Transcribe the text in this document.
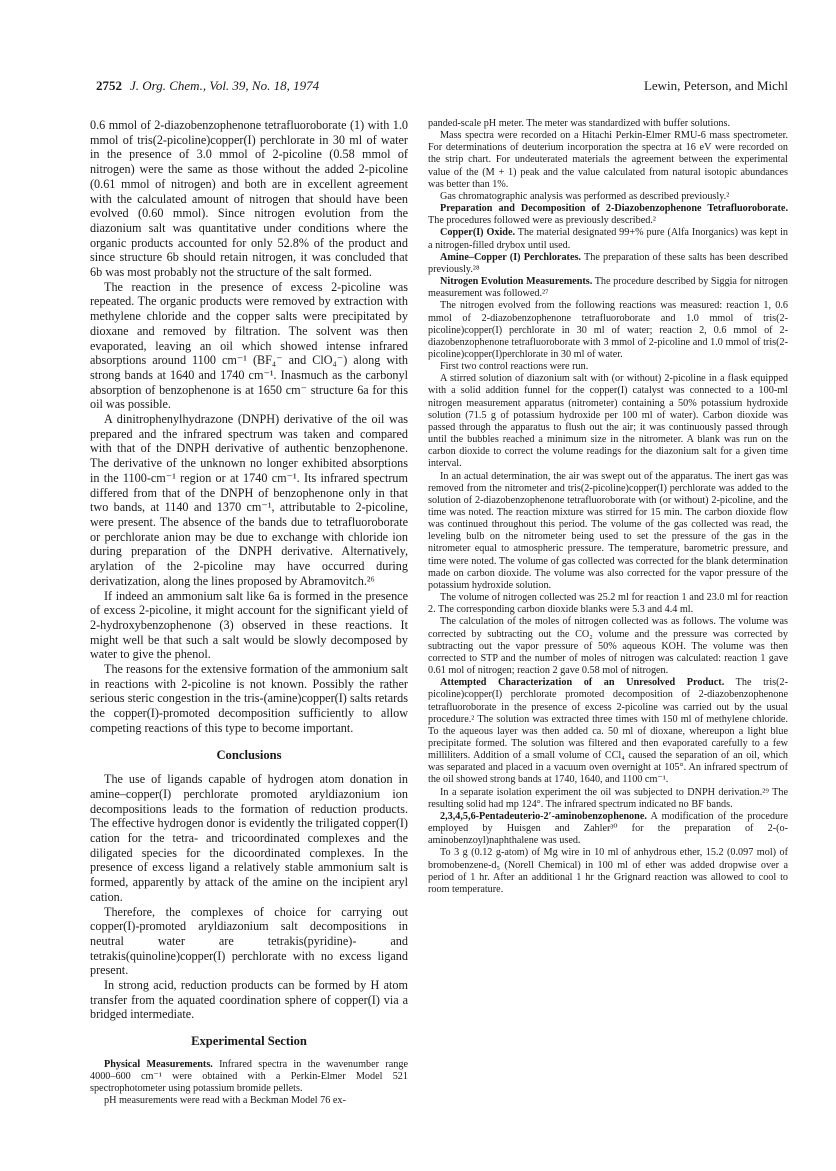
2752 J. Org. Chem., Vol. 39, No. 18, 1974	Lewin, Peterson, and Michl

0.6 mmol of 2-diazobenzophenone tetrafluoroborate (1) with 1.0 mmol of tris(2-picoline)copper(I) perchlorate in 30 ml of water in the presence of 3.0 mmol of 2-picoline (0.58 mmol of nitrogen) were the same as those without the added 2-picoline (0.61 mmol of nitrogen) and both are in excellent agreement with the calculated amount of nitrogen that should have been evolved (0.60 mmol). Since nitrogen evolution from the diazonium salt was quantitative under conditions where the organic products accounted for only 52.8% of the product and since structure 6b should retain nitrogen, it was concluded that 6b was most probably not the structure of the salt formed.

The reaction in the presence of excess 2-picoline was repeated. The organic products were removed by extraction with methylene chloride and the copper salts were precipitated by dioxane and removed by filtration. The solvent was then evaporated, leaving an oil which showed intense infrared absorptions around 1100 cm⁻¹ (BF₄⁻ and ClO₄⁻) along with strong bands at 1640 and 1740 cm⁻¹. Inasmuch as the carbonyl absorption of benzophenone is at 1650 cm⁻ structure 6a for this oil was possible.

A dinitrophenylhydrazone (DNPH) derivative of the oil was prepared and the infrared spectrum was taken and compared with that of the DNPH derivative of authentic benzophenone. The derivative of the unknown no longer exhibited absorptions in the 1100-cm⁻¹ region or at 1740 cm⁻¹. Its infrared spectrum differed from that of the DNPH of benzophenone only in that two bands, at 1140 and 1370 cm⁻¹, attributable to 2-picoline, were present. The absence of the bands due to tetrafluoroborate or perchlorate anion may be due to exchange with chloride ion during preparation of the DNPH derivative. Alternatively, arylation of the 2-picoline may have occurred during derivatization, along the lines proposed by Abramovitch.²⁶

If indeed an ammonium salt like 6a is formed in the presence of excess 2-picoline, it might account for the significant yield of 2-hydroxybenzophenone (3) observed in these reactions. It might well be that such a salt would be slowly decomposed by water to give the phenol.

The reasons for the extensive formation of the ammonium salt in reactions with 2-picoline is not known. Possibly the rather serious steric congestion in the tris-(amine)copper(I) salts retards the copper(I)-promoted decomposition sufficiently to allow competing reactions of this type to become important.

Conclusions

The use of ligands capable of hydrogen atom donation in amine–copper(I) perchlorate promoted aryldiazonium ion decompositions leads to the formation of reduction products. The effective hydrogen donor is evidently the triligated copper(I) cation for the tetra- and tricoordinated complexes and the diligated species for the dicoordinated complexes. In the presence of excess ligand a relatively stable ammonium salt is formed, apparently by attack of the amine on the incipient aryl cation.

Therefore, the complexes of choice for carrying out copper(I)-promoted aryldiazonium salt decompositions in neutral water are tetrakis(pyridine)- and tetrakis(quinoline)copper(I) perchlorate with no excess ligand present.

In strong acid, reduction products can be formed by H atom transfer from the aquated coordination sphere of copper(I) via a bridged intermediate.

Experimental Section

Physical Measurements. Infrared spectra in the wavenumber range 4000–600 cm⁻¹ were obtained with a Perkin-Elmer Model 521 spectrophotometer using potassium bromide pellets.

pH measurements were read with a Beckman Model 76 ex-

panded-scale pH meter. The meter was standardized with buffer solutions.

Mass spectra were recorded on a Hitachi Perkin-Elmer RMU-6 mass spectrometer. For determinations of deuterium incorporation the spectra at 16 eV were recorded on the strip chart. For undeuterated materials the agreement between the experimental value of the (M + 1) peak and the value calculated from natural isotopic abundances was better than 1%.

Gas chromatographic analysis was performed as described previously.²

Preparation and Decomposition of 2-Diazobenzophenone Tetrafluoroborate. The procedures followed were as previously described.²

Copper(I) Oxide. The material designated 99+% pure (Alfa Inorganics) was kept in a nitrogen-filled drybox until used.

Amine–Copper (I) Perchlorates. The preparation of these salts has been described previously.²⁸

Nitrogen Evolution Measurements. The procedure described by Siggia for nitrogen measurement was followed.²⁷

The nitrogen evolved from the following reactions was measured: reaction 1, 0.6 mmol of 2-diazobenzophenone tetrafluoroborate and 1.0 mmol of tris(2-picoline)copper(I) perchlorate in 30 ml of water; reaction 2, 0.6 mmol of 2-diazobenzophenone tetrafluoroborate with 3 mmol of 2-picoline and 1.0 mmol of tris(2-picoline)copper(I)perchlorate in 30 ml of water.

First two control reactions were run.

A stirred solution of diazonium salt with (or without) 2-picoline in a flask equipped with a solid addition funnel for the copper(I) catalyst was connected to a 100-ml nitrogen measurement apparatus (nitrometer) containing a 50% potassium hydroxide solution (71.5 g of potassium hydroxide per 100 ml of water). Carbon dioxide was passed through the apparatus to flush out the air; it was continuously passed through until the bubbles reached a minimum size in the nitrometer. A blank was run on the carbon dioxide to correct the volume readings for the diazonium salt for a given time interval.

In an actual determination, the air was swept out of the apparatus. The inert gas was removed from the nitrometer and tris(2-picoline)copper(I) perchlorate was added to the solution of 2-diazobenzophenone tetrafluoroborate with (or without) 2-picoline, and the time was noted. The reaction mixture was stirred for 15 min. The carbon dioxide flow was continued throughout this period. The volume of the gas collected was read, the leveling bulb on the nitrometer being used to set the pressure of the gas in the nitrometer equal to atmospheric pressure. The temperature, barometric pressure, and time were noted. The volume of gas collected was corrected for the blank determination made on carbon dioxide. The volume was also corrected for the vapor pressure of the potassium hydroxide solution.

The volume of nitrogen collected was 25.2 ml for reaction 1 and 23.0 ml for reaction 2. The corresponding carbon dioxide blanks were 5.3 and 4.4 ml.

The calculation of the moles of nitrogen collected was as follows. The volume was corrected by subtracting out the CO₂ volume and the pressure was corrected by subtracting out the vapor pressure of 50% aqueous KOH. The volume was then corrected to STP and the number of moles of nitrogen was calculated: reaction 1 gave 0.61 mol of nitrogen; reaction 2 gave 0.58 mol of nitrogen.

Attempted Characterization of an Unresolved Product. The tris(2-picoline)copper(I) perchlorate promoted decomposition of 2-diazobenzophenone tetrafluoroborate in the presence of excess 2-picoline was carried out by the usual procedure.² The solution was extracted three times with 150 ml of methylene chloride. To the aqueous layer was then added ca. 50 ml of dioxane, whereupon a light blue precipitate formed. The solution was filtered and then evaporated carefully to a few milliliters. Addition of a small volume of CCl₄ caused the separation of an oil, which was separated and placed in a vacuum oven overnight at 105°. An infrared spectrum of the oil showed strong bands at 1740, 1640, and 1100 cm⁻¹.

In a separate isolation experiment the oil was subjected to DNPH derivation.²⁹ The resulting solid had mp 124°. The infrared spectrum indicated no BF bands.

2,3,4,5,6-Pentadeuterio-2′-aminobenzophenone. A modification of the procedure employed by Huisgen and Zahler³⁰ for the preparation of 2-(o-aminobenzoyl)naphthalene was used.

To 3 g (0.12 g-atom) of Mg wire in 10 ml of anhydrous ether, 15.2 (0.097 mol) of bromobenzene-d₅ (Norell Chemical) in 100 ml of ether was added dropwise over a period of 1 hr. After an additional 1 hr the Grignard reaction was allowed to cool to room temperature.
